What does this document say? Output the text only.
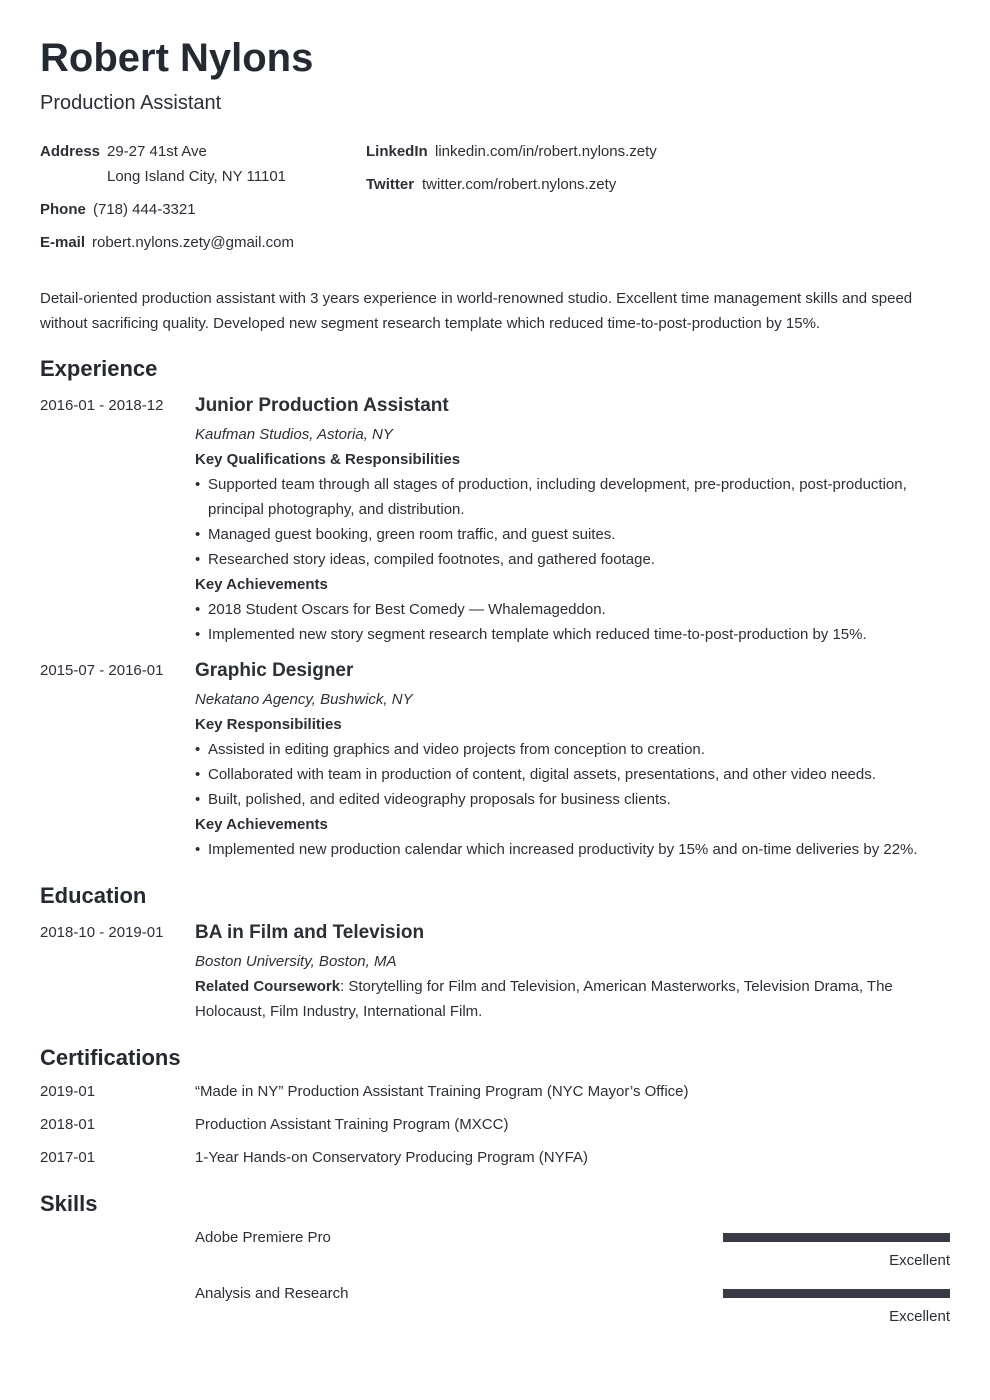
Robert Nylons
Production Assistant
Address 29-27 41st Ave
Long Island City, NY 11101
Phone (718) 444-3321
E-mail robert.nylons.zety@gmail.com
LinkedIn linkedin.com/in/robert.nylons.zety
Twitter twitter.com/robert.nylons.zety
Detail-oriented production assistant with 3 years experience in world-renowned studio. Excellent time management skills and speed without sacrificing quality. Developed new segment research template which reduced time-to-post-production by 15%.
Experience
2016-01 - 2018-12 Junior Production Assistant
Kaufman Studios, Astoria, NY
Key Qualifications & Responsibilities
• Supported team through all stages of production, including development, pre-production, post-production, principal photography, and distribution.
• Managed guest booking, green room traffic, and guest suites.
• Researched story ideas, compiled footnotes, and gathered footage.
Key Achievements
• 2018 Student Oscars for Best Comedy — Whalemageddon.
• Implemented new story segment research template which reduced time-to-post-production by 15%.
2015-07 - 2016-01 Graphic Designer
Nekatano Agency, Bushwick, NY
Key Responsibilities
• Assisted in editing graphics and video projects from conception to creation.
• Collaborated with team in production of content, digital assets, presentations, and other video needs.
• Built, polished, and edited videography proposals for business clients.
Key Achievements
• Implemented new production calendar which increased productivity by 15% and on-time deliveries by 22%.
Education
2018-10 - 2019-01 BA in Film and Television
Boston University, Boston, MA
Related Coursework: Storytelling for Film and Television, American Masterworks, Television Drama, The Holocaust, Film Industry, International Film.
Certifications
2019-01	“Made in NY” Production Assistant Training Program (NYC Mayor’s Office)
2018-01	Production Assistant Training Program (MXCC)
2017-01	1-Year Hands-on Conservatory Producing Program (NYFA)
Skills
Adobe Premiere Pro
Excellent
Analysis and Research
Excellent
